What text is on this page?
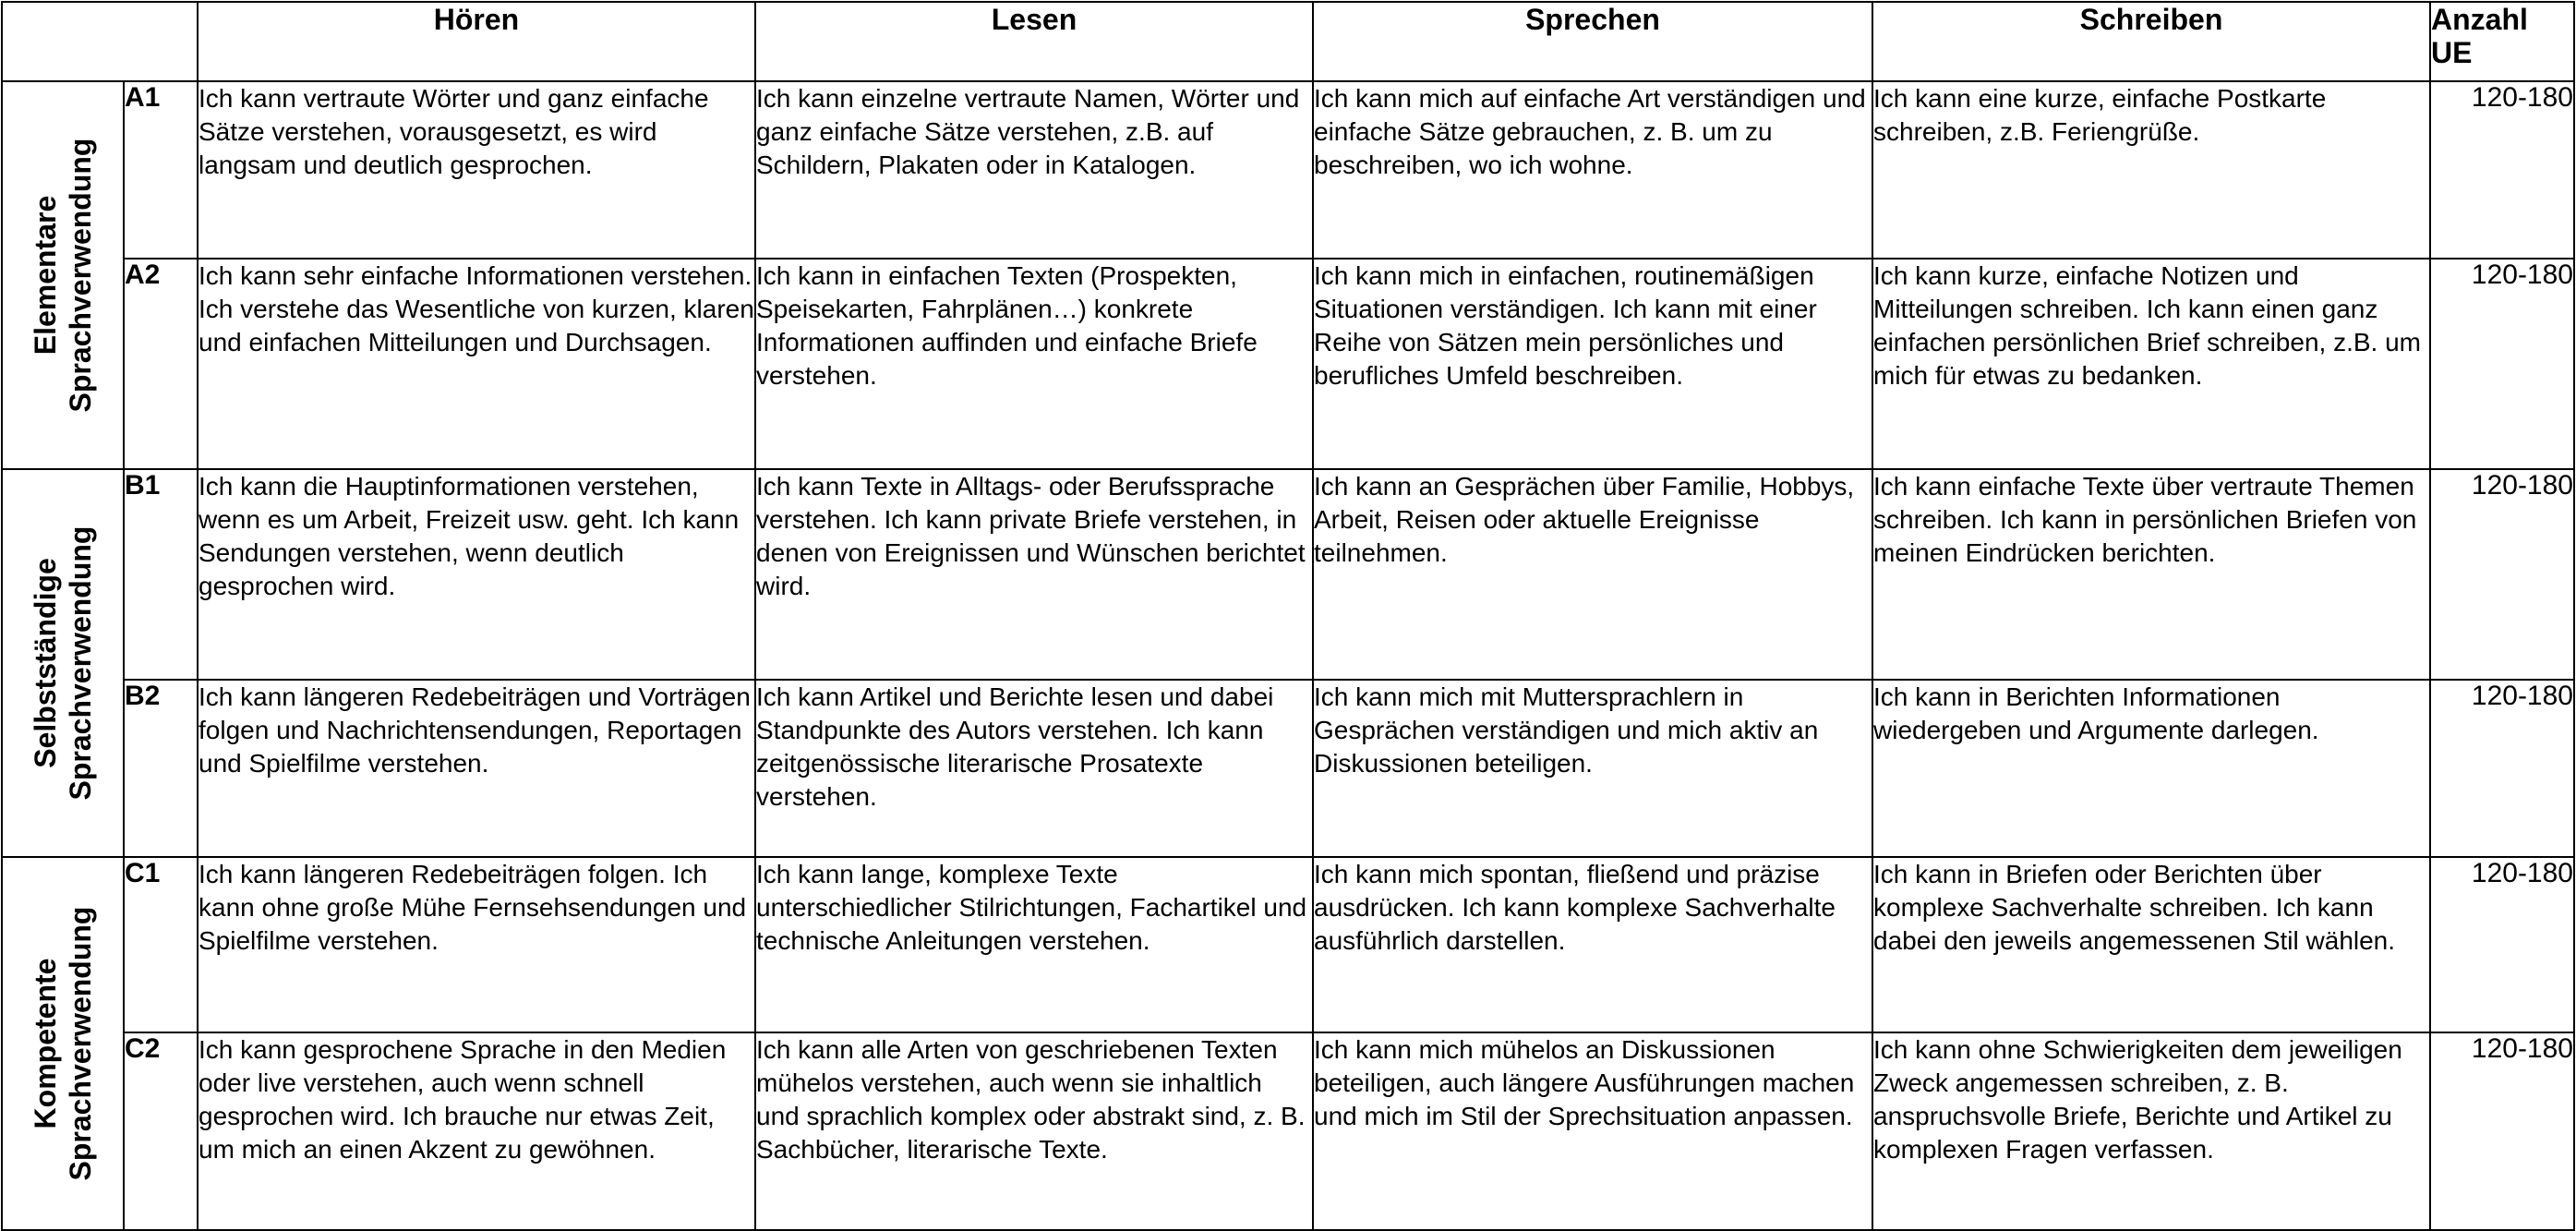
		Hören	Lesen	Sprechen	Schreiben	Anzahl
UE

Elementare
Sprachverwendung	A1	Ich kann vertraute Wörter und ganz einfache Sätze verstehen, vorausgesetzt, es wird langsam und deutlich gesprochen.	Ich kann einzelne vertraute Namen, Wörter und ganz einfache Sätze verstehen, z.B. auf Schildern, Plakaten oder in Katalogen.	Ich kann mich auf einfache Art verständigen und einfache Sätze gebrauchen, z. B. um zu beschreiben, wo ich wohne.	Ich kann eine kurze, einfache Postkarte schreiben, z.B. Feriengrüße.	120-180
	A2	Ich kann sehr einfache Informationen verstehen. Ich verstehe das Wesentliche von kurzen, klaren und einfachen Mitteilungen und Durchsagen.	Ich kann in einfachen Texten (Prospekten, Speisekarten, Fahrplänen…) konkrete Informationen auffinden und einfache Briefe verstehen.	Ich kann mich in einfachen, routinemäßigen Situationen verständigen. Ich kann mit einer Reihe von Sätzen mein persönliches und berufliches Umfeld beschreiben.	Ich kann kurze, einfache Notizen und Mitteilungen schreiben. Ich kann einen ganz einfachen persönlichen Brief schreiben, z.B. um mich für etwas zu bedanken.	120-180

Selbstständige
Sprachverwendung	B1	Ich kann die Hauptinformationen verstehen, wenn es um Arbeit, Freizeit usw. geht. Ich kann Sendungen verstehen, wenn deutlich gesprochen wird.	Ich kann Texte in Alltags- oder Berufssprache verstehen. Ich kann private Briefe verstehen, in denen von Ereignissen und Wünschen berichtet wird.	Ich kann an Gesprächen über Familie, Hobbys, Arbeit, Reisen oder aktuelle Ereignisse teilnehmen.	Ich kann einfache Texte über vertraute Themen schreiben. Ich kann in persönlichen Briefen von meinen Eindrücken berichten.	120-180
	B2	Ich kann längeren Redebeiträgen und Vorträgen folgen und Nachrichtensendungen, Reportagen und Spielfilme verstehen.	Ich kann Artikel und Berichte lesen und dabei Standpunkte des Autors verstehen. Ich kann zeitgenössische literarische Prosatexte verstehen.	Ich kann mich mit Muttersprachlern in Gesprächen verständigen und mich aktiv an Diskussionen beteiligen.	Ich kann in Berichten Informationen wiedergeben und Argumente darlegen.	120-180

Kompetente
Sprachverwendung	C1	Ich kann längeren Redebeiträgen folgen. Ich kann ohne große Mühe Fernsehsendungen und Spielfilme verstehen.	Ich kann lange, komplexe Texte unterschiedlicher Stilrichtungen, Fachartikel und technische Anleitungen verstehen.	Ich kann mich spontan, fließend und präzise ausdrücken. Ich kann komplexe Sachverhalte ausführlich darstellen.	Ich kann in Briefen oder Berichten über komplexe Sachverhalte schreiben. Ich kann dabei den jeweils angemessenen Stil wählen.	120-180
	C2	Ich kann gesprochene Sprache in den Medien oder live verstehen, auch wenn schnell gesprochen wird. Ich brauche nur etwas Zeit, um mich an einen Akzent zu gewöhnen.	Ich kann alle Arten von geschriebenen Texten mühelos verstehen, auch wenn sie inhaltlich und sprachlich komplex oder abstrakt sind, z. B. Sachbücher, literarische Texte.	Ich kann mich mühelos an Diskussionen beteiligen, auch längere Ausführungen machen und mich im Stil der Sprechsituation anpassen.	Ich kann ohne Schwierigkeiten dem jeweiligen Zweck angemessen schreiben, z. B. anspruchsvolle Briefe, Berichte und Artikel zu komplexen Fragen verfassen.	120-180
